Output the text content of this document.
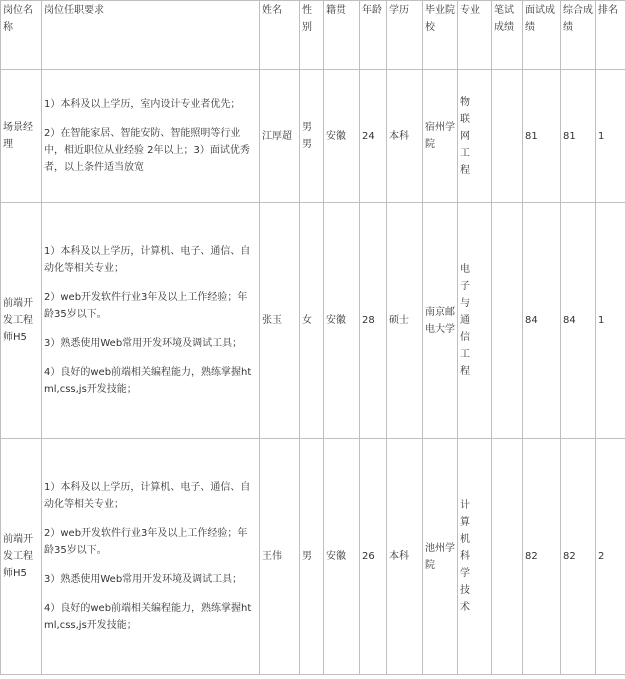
岗位名称	岗位任职要求	姓名	性别	籍贯	年龄	学历	毕业院校	专业	笔试成绩	面试成绩	综合成绩	排名
场景经理	1）本科及以上学历，室内设计专业者优先；
2）在智能家居、智能安防、智能照明等行业中，相近职位从业经验 2年以上；3）面试优秀者，以上条件适当放宽	江厚超	男男	安徽	24	本科	宿州学院	物联网工程		81	81	1
前端开发工程师H5	1）本科及以上学历，计算机、电子、通信、自动化等相关专业；
2）web开发软件行业3年及以上工作经验；年龄35岁以下。
3）熟悉使用Web常用开发环境及调试工具；
4）良好的web前端相关编程能力，熟练掌握html,css,js开发技能；	张玉	女	安徽	28	硕士	南京邮电大学	电子与通信工程		84	84	1
前端开发工程师H5	1）本科及以上学历，计算机、电子、通信、自动化等相关专业；
2）web开发软件行业3年及以上工作经验；年龄35岁以下。
3）熟悉使用Web常用开发环境及调试工具；
4）良好的web前端相关编程能力，熟练掌握html,css,js开发技能；	王伟	男	安徽	26	本科	池州学院	计算机科学技术		82	82	2
